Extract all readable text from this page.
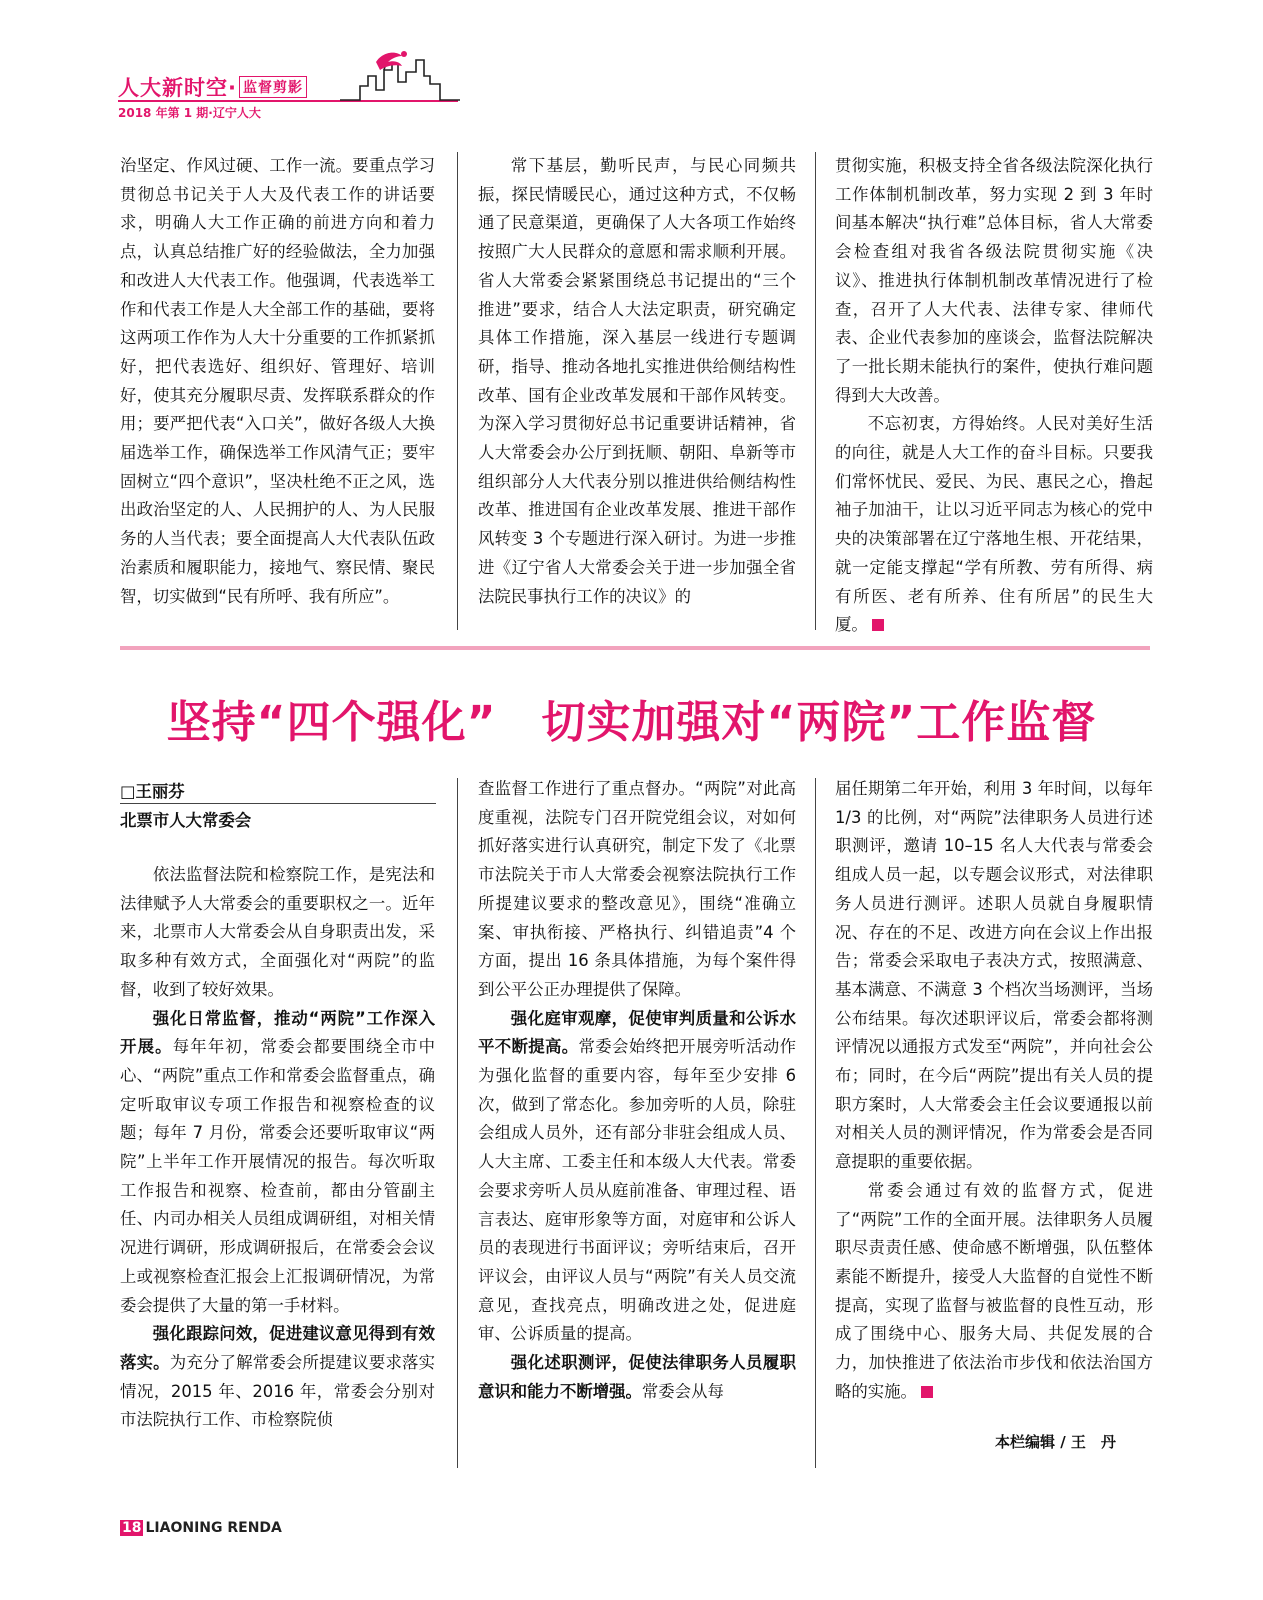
人大新时空· 监督剪影
2018 年第 1 期·辽宁人大

治坚定、作风过硬、工作一流。要重点学习贯彻总书记关于人大及代表工作的讲话要求，明确人大工作正确的前进方向和着力点，认真总结推广好的经验做法，全力加强和改进人大代表工作。他强调，代表选举工作和代表工作是人大全部工作的基础，要将这两项工作作为人大十分重要的工作抓紧抓好，把代表选好、组织好、管理好、培训好，使其充分履职尽责、发挥联系群众的作用；要严把代表“入口关”，做好各级人大换届选举工作，确保选举工作风清气正；要牢固树立“四个意识”，坚决杜绝不正之风，选出政治坚定的人、人民拥护的人、为人民服务的人当代表；要全面提高人大代表队伍政治素质和履职能力，接地气、察民情、聚民智，切实做到“民有所呼、我有所应”。

常下基层，勤听民声，与民心同频共振，探民情暖民心，通过这种方式，不仅畅通了民意渠道，更确保了人大各项工作始终按照广大人民群众的意愿和需求顺利开展。省人大常委会紧紧围绕总书记提出的“三个推进”要求，结合人大法定职责，研究确定具体工作措施，深入基层一线进行专题调研，指导、推动各地扎实推进供给侧结构性改革、国有企业改革发展和干部作风转变。为深入学习贯彻好总书记重要讲话精神，省人大常委会办公厅到抚顺、朝阳、阜新等市组织部分人大代表分别以推进供给侧结构性改革、推进国有企业改革发展、推进干部作风转变 3 个专题进行深入研讨。为进一步推进《辽宁省人大常委会关于进一步加强全省法院民事执行工作的决议》的

贯彻实施，积极支持全省各级法院深化执行工作体制机制改革，努力实现 2 到 3 年时间基本解决“执行难”总体目标，省人大常委会检查组对我省各级法院贯彻实施《决议》、推进执行体制机制改革情况进行了检查，召开了人大代表、法律专家、律师代表、企业代表参加的座谈会，监督法院解决了一批长期未能执行的案件，使执行难问题得到大大改善。

不忘初衷，方得始终。人民对美好生活的向往，就是人大工作的奋斗目标。只要我们常怀忧民、爱民、为民、惠民之心，撸起袖子加油干，让以习近平同志为核心的党中央的决策部署在辽宁落地生根、开花结果，就一定能支撑起“学有所教、劳有所得、病有所医、老有所养、住有所居”的民生大厦。

坚持“四个强化”　切实加强对“两院”工作监督
□王丽芬
北票市人大常委会

依法监督法院和检察院工作，是宪法和法律赋予人大常委会的重要职权之一。近年来，北票市人大常委会从自身职责出发，采取多种有效方式，全面强化对“两院”的监督，收到了较好效果。

强化日常监督，推动“两院”工作深入开展。每年年初，常委会都要围绕全市中心、“两院”重点工作和常委会监督重点，确定听取审议专项工作报告和视察检查的议题；每年 7 月份，常委会还要听取审议“两院”上半年工作开展情况的报告。每次听取工作报告和视察、检查前，都由分管副主任、内司办相关人员组成调研组，对相关情况进行调研，形成调研报后，在常委会会议上或视察检查汇报会上汇报调研情况，为常委会提供了大量的第一手材料。

强化跟踪问效，促进建议意见得到有效落实。为充分了解常委会所提建议要求落实情况，2015 年、2016 年，常委会分别对市法院执行工作、市检察院侦

查监督工作进行了重点督办。“两院”对此高度重视，法院专门召开院党组会议，对如何抓好落实进行认真研究，制定下发了《北票市法院关于市人大常委会视察法院执行工作所提建议要求的整改意见》，围绕“准确立案、审执衔接、严格执行、纠错追责”4 个方面，提出 16 条具体措施，为每个案件得到公平公正办理提供了保障。

强化庭审观摩，促使审判质量和公诉水平不断提高。常委会始终把开展旁听活动作为强化监督的重要内容，每年至少安排 6 次，做到了常态化。参加旁听的人员，除驻会组成人员外，还有部分非驻会组成人员、人大主席、工委主任和本级人大代表。常委会要求旁听人员从庭前准备、审理过程、语言表达、庭审形象等方面，对庭审和公诉人员的表现进行书面评议；旁听结束后，召开评议会，由评议人员与“两院”有关人员交流意见，查找亮点，明确改进之处，促进庭审、公诉质量的提高。

强化述职测评，促使法律职务人员履职意识和能力不断增强。常委会从每

届任期第二年开始，利用 3 年时间，以每年 1/3 的比例，对“两院”法律职务人员进行述职测评，邀请 10–15 名人大代表与常委会组成人员一起，以专题会议形式，对法律职务人员进行测评。述职人员就自身履职情况、存在的不足、改进方向在会议上作出报告；常委会采取电子表决方式，按照满意、基本满意、不满意 3 个档次当场测评，当场公布结果。每次述职评议后，常委会都将测评情况以通报方式发至“两院”，并向社会公布；同时，在今后“两院”提出有关人员的提职方案时，人大常委会主任会议要通报以前对相关人员的测评情况，作为常委会是否同意提职的重要依据。

常委会通过有效的监督方式，促进了“两院”工作的全面开展。法律职务人员履职尽责责任感、使命感不断增强，队伍整体素能不断提升，接受人大监督的自觉性不断提高，实现了监督与被监督的良性互动，形成了围绕中心、服务大局、共促发展的合力，加快推进了依法治市步伐和依法治国方略的实施。

本栏编辑 / 王　丹
18 LIAONING RENDA
